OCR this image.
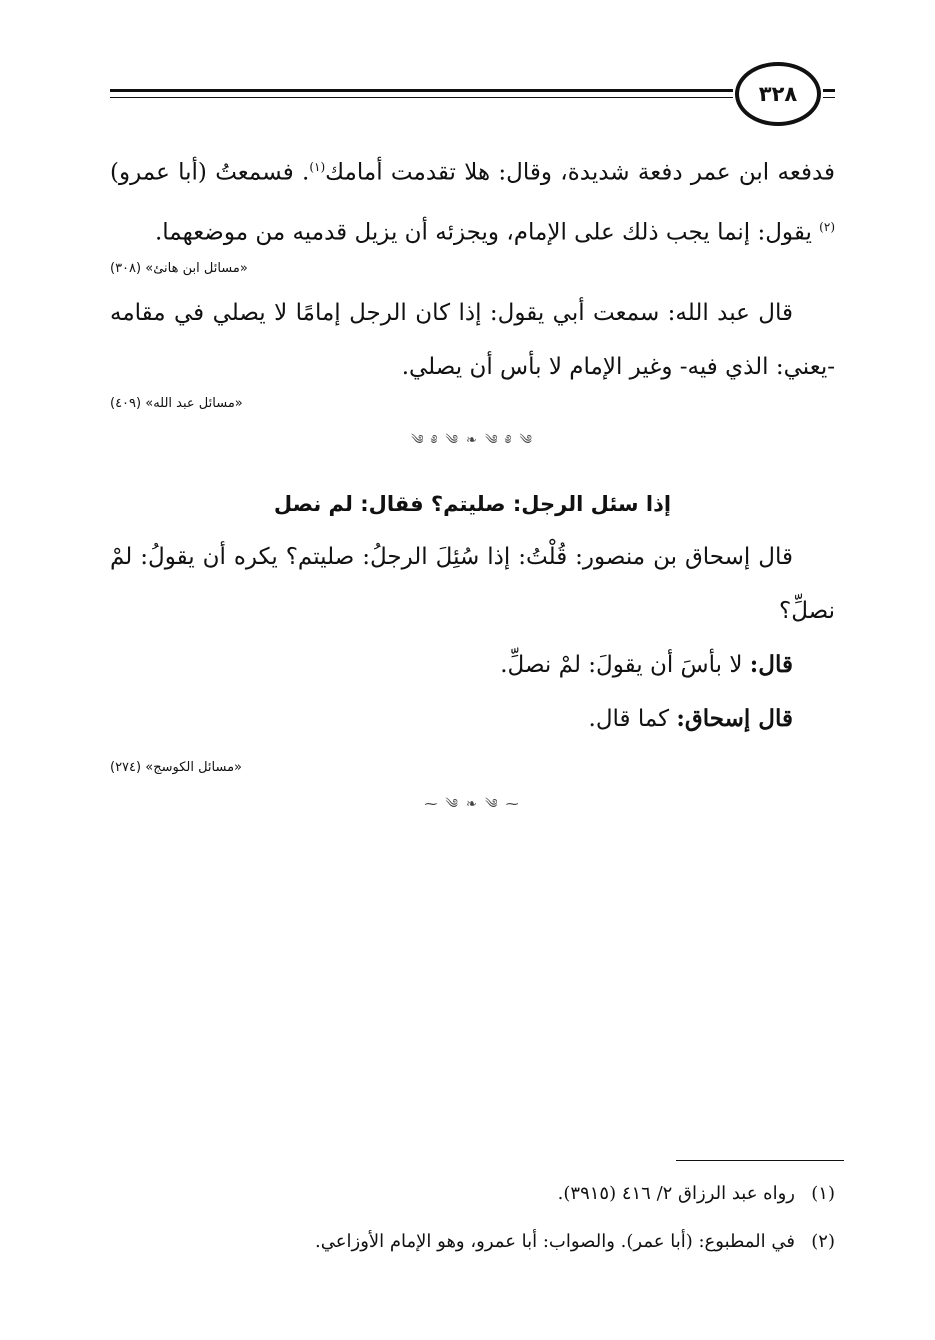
٣٢٨

فدفعه ابن عمر دفعة شديدة، وقال: هلا تقدمت أمامك$^{(١)}$. فسمعتُ (أبا عمرو)$^{(٢)}$ يقول: إنما يجب ذلك على الإمام، ويجزئه أن يزيل قدميه من موضعهما.

«مسائل ابن هانئ» (٣٠٨)

قال عبد الله: سمعت أبي يقول: إذا كان الرجل إمامًا لا يصلي في مقامه -يعني: الذي فيه- وغير الإمام لا بأس أن يصلي.

«مسائل عبد الله» (٤٠٩)
༄ ༅ ༄ ❧ ༄ ༅ ༄
إذا سئل الرجل: صليتم؟ فقال: لم نصل

قال إسحاق بن منصور: قُلْتُ: إذا سُئِلَ الرجلُ: صليتم؟ يكره أن يقولُ: لمْ نصلِّ؟

قال: لا بأسَ أن يقولَ: لمْ نصلِّ.

قال إسحاق: كما قال.

«مسائل الكوسج» (٢٧٤)
⁓ ༄ ❧ ༄ ⁓
(١)رواه عبد الرزاق ٢/ ٤١٦ (٣٩١٥).
(٢)في المطبوع: (أبا عمر). والصواب: أبا عمرو، وهو الإمام الأوزاعي.
